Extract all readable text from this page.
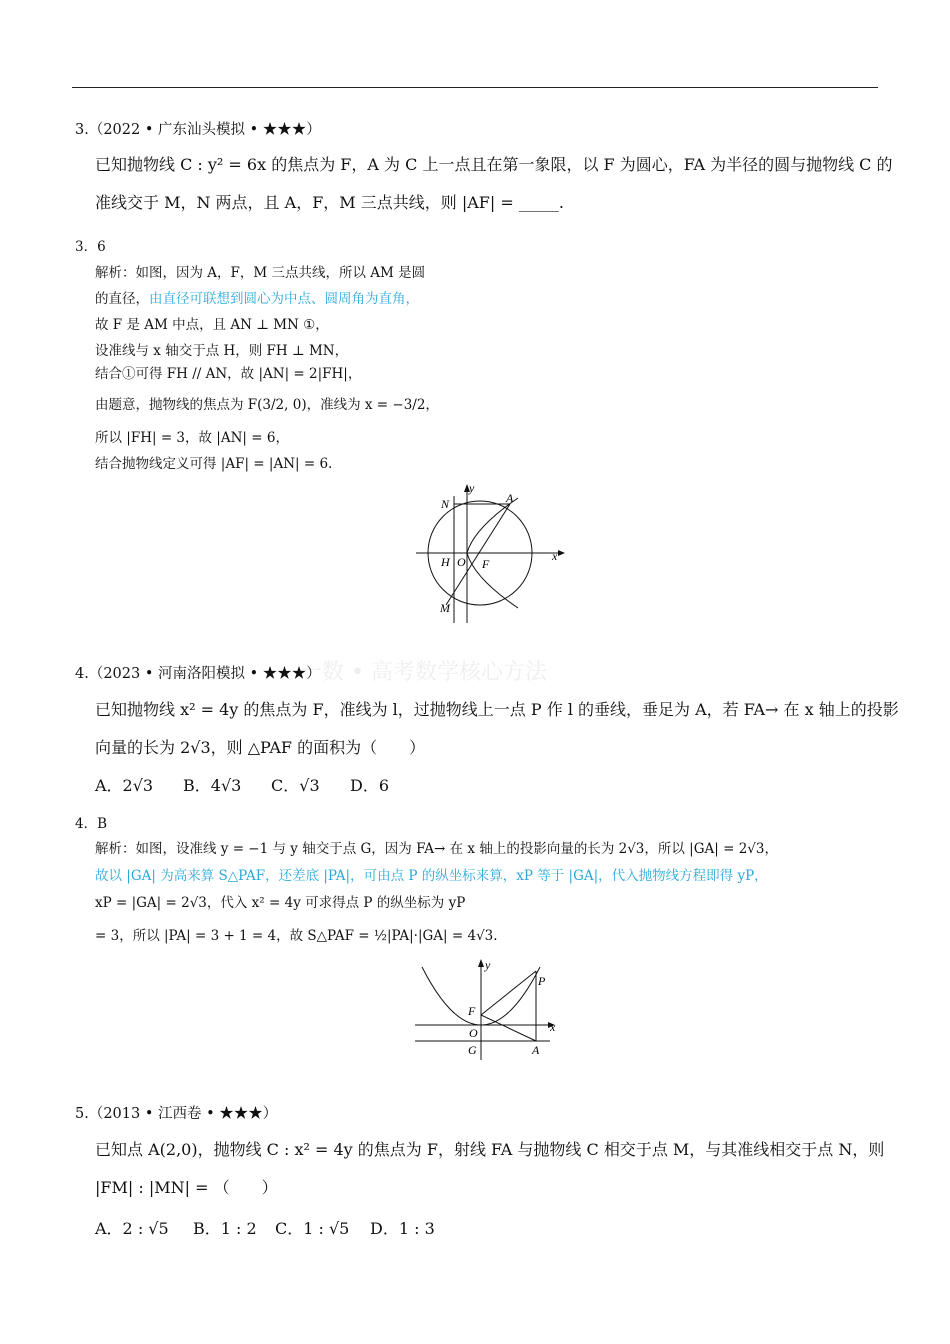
一数 • 高考数学核心方法
3.（2022 • 广东汕头模拟 • ★★★）
已知抛物线 C : y² = 6x 的焦点为 F，A 为 C 上一点且在第一象限，以 F 为圆心，FA 为半径的圆与抛物线 C 的
准线交于 M，N 两点，且 A，F，M 三点共线，则 |AF| = _____.
3．6
解析：如图，因为 A，F，M 三点共线，所以 AM 是圆
的直径，由直径可联想到圆心为中点、圆周角为直角，
故 F 是 AM 中点，且 AN ⊥ MN ①，
设准线与 x 轴交于点 H，则 FH ⊥ MN，
结合①可得 FH // AN，故 |AN| = 2|FH|，
由题意，抛物线的焦点为 F(3/2, 0)，准线为 x = −3/2，
所以 |FH| = 3，故 |AN| = 6，
结合抛物线定义可得 |AF| = |AN| = 6.
y
x
N	A
H O F
M
4.（2023 • 河南洛阳模拟 • ★★★）
已知抛物线 x² = 4y 的焦点为 F，准线为 l，过抛物线上一点 P 作 l 的垂线，垂足为 A，若 FA→ 在 x 轴上的投影
向量的长为 2√3，则 △PAF 的面积为（　　）
A．2√3 B．4√3 C．√3 D．6
4．B
解析：如图，设准线 y = −1 与 y 轴交于点 G，因为 FA→ 在 x 轴上的投影向量的长为 2√3，所以 |GA| = 2√3，
故以 |GA| 为高来算 S△PAF，还差底 |PA|，可由点 P 的纵坐标来算，xP 等于 |GA|，代入抛物线方程即得 yP，
xP = |GA| = 2√3，代入 x² = 4y 可求得点 P 的纵坐标为 yP
= 3，所以 |PA| = 3 + 1 = 4，故 S△PAF = ½|PA|·|GA| = 4√3.
y
x
P
F
O
G	A
5.（2013 • 江西卷 • ★★★）
已知点 A(2,0)，抛物线 C : x² = 4y 的焦点为 F，射线 FA 与抛物线 C 相交于点 M，与其准线相交于点 N，则
|FM| : |MN| = （　　）
A．2 : √5 B．1 : 2 C．1 : √5 D．1 : 3
